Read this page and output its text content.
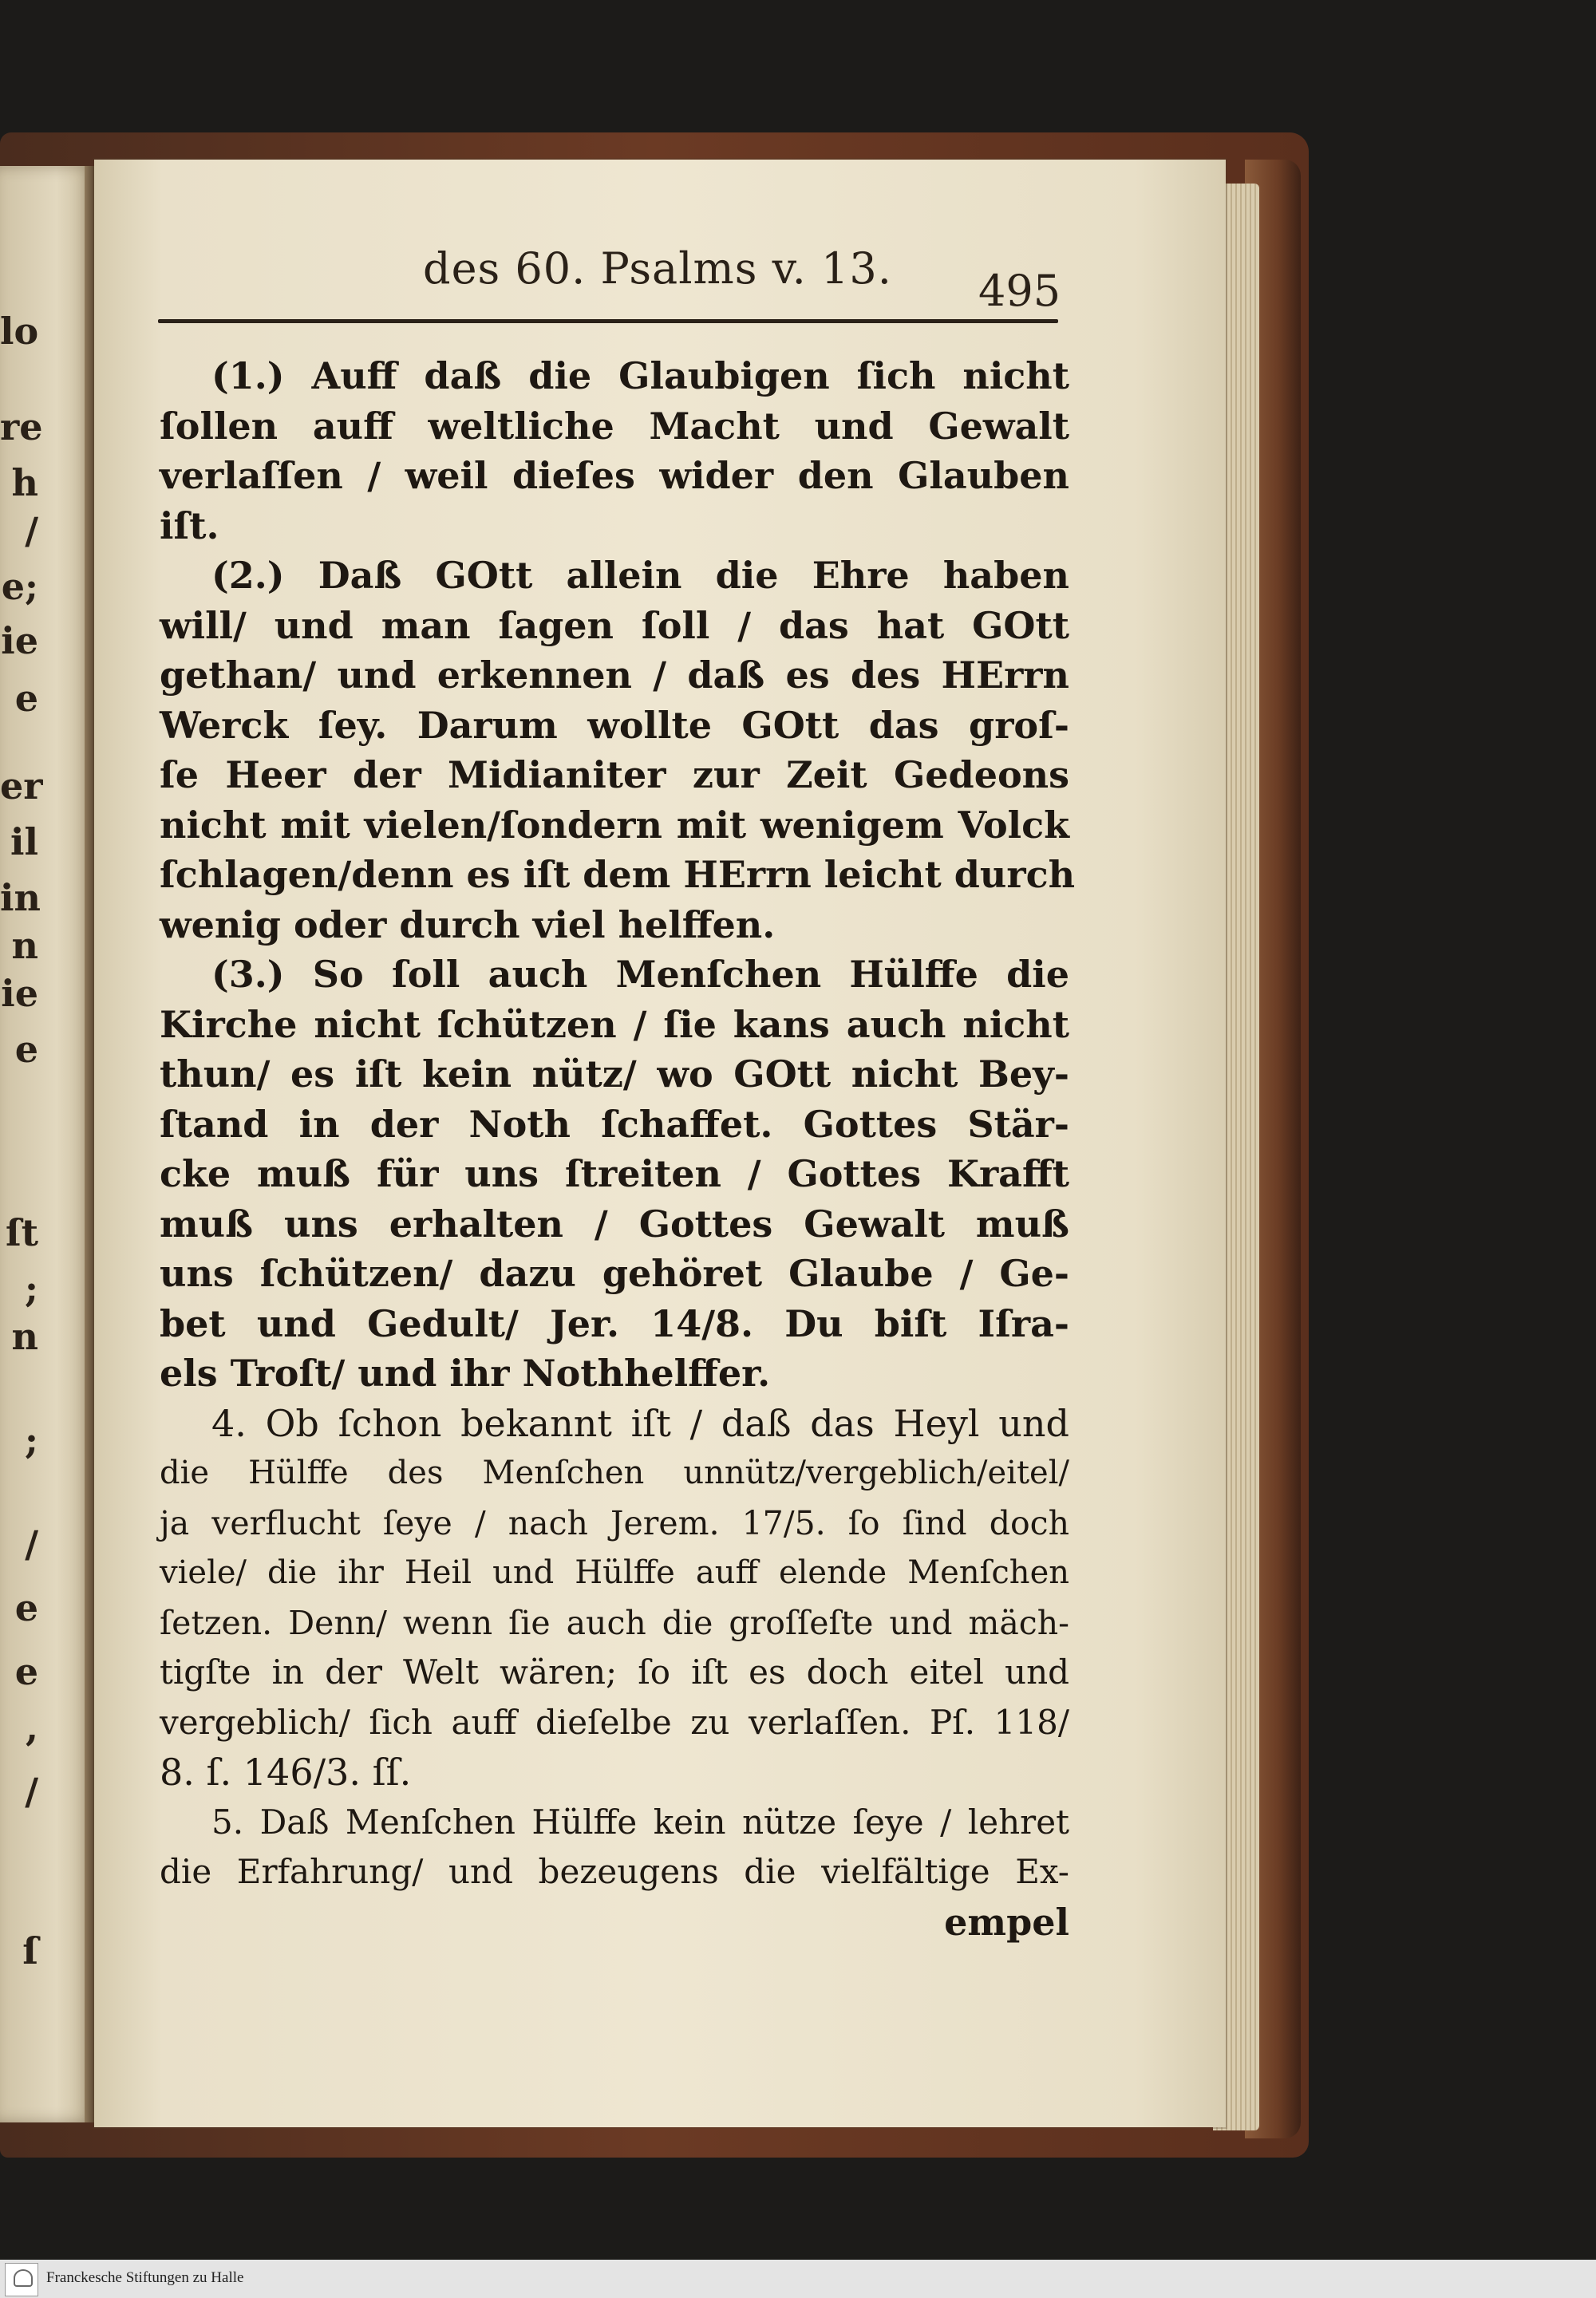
lo
re
h
/
e;
ie
e
er
il
in
n
ie
e
ſt
;
n
;
/
e
e
,
/
ſ
des 60. Psalms v. 13. 495
(1.) Auff daß die Glaubigen ſich nicht
ſollen auff weltliche Macht und Gewalt
verlaſſen / weil dieſes wider den Glauben
iſt.
(2.) Daß GOtt allein die Ehre haben
will/ und man ſagen ſoll / das hat GOtt
gethan/ und erkennen / daß es des HErrn
Werck ſey. Darum wollte GOtt das groſ-
ſe Heer der Midianiter zur Zeit Gedeons
nicht mit vielen/ſondern mit wenigem Volck
ſchlagen/denn es iſt dem HErrn leicht durch
wenig oder durch viel helffen.
(3.) So ſoll auch Menſchen Hülffe die
Kirche nicht ſchützen / ſie kans auch nicht
thun/ es iſt kein nütz/ wo GOtt nicht Bey-
ſtand in der Noth ſchaffet. Gottes Stär-
cke muß für uns ſtreiten / Gottes Krafft
muß uns erhalten / Gottes Gewalt muß
uns ſchützen/ dazu gehöret Glaube / Ge-
bet und Gedult/ Jer. 14/8. Du biſt Iſra-
els Troſt/ und ihr Nothhelffer.
4. Ob ſchon bekannt iſt / daß das Heyl und
die Hülffe des Menſchen unnütz/vergeblich/eitel/
ja verflucht ſeye / nach Jerem. 17/5. ſo ſind doch
viele/ die ihr Heil und Hülffe auff elende Menſchen
ſetzen. Denn/ wenn ſie auch die groſſeſte und mäch-
tigſte in der Welt wären; ſo iſt es doch eitel und
vergeblich/ ſich auff dieſelbe zu verlaſſen. Pſ. 118/
8. ſ. 146/3. ſſ.
5. Daß Menſchen Hülffe kein nütze ſeye / lehret
die Erfahrung/ und bezeugens die vielfältige Ex-
empel
Franckesche Stiftungen zu Halle
